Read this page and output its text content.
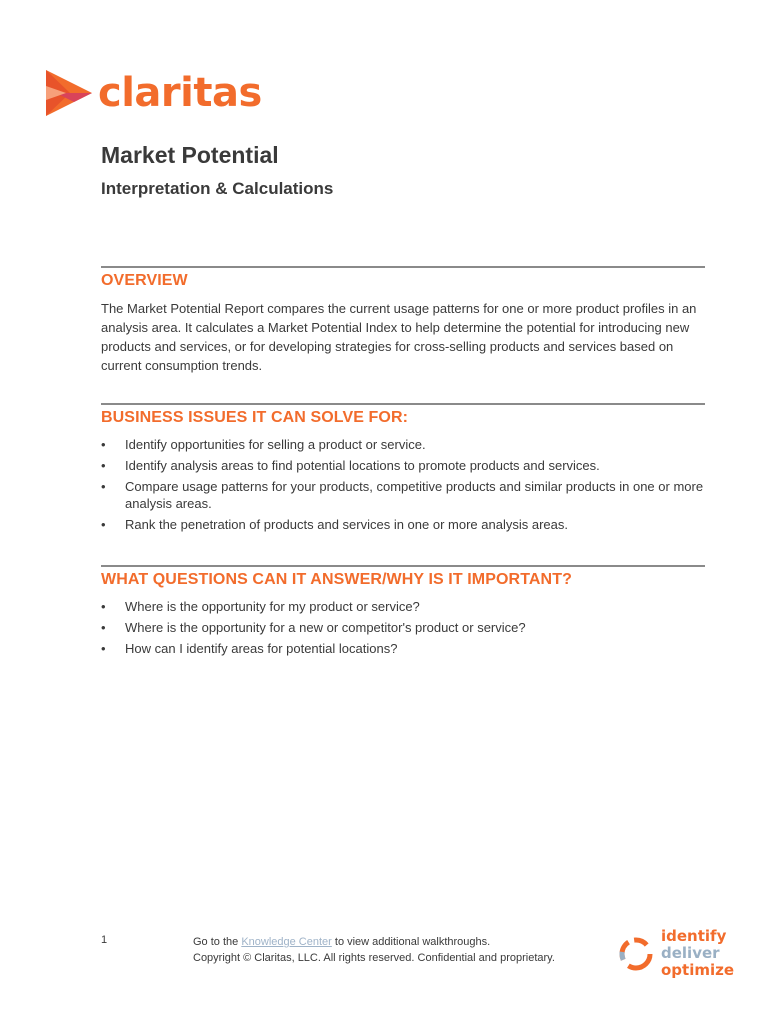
claritas
Market Potential
Interpretation & Calculations
OVERVIEW

The Market Potential Report compares the current usage patterns for one or more product profiles in an analysis area. It calculates a Market Potential Index to help determine the potential for introducing new products and services, or for developing strategies for cross-selling products and services based on current consumption trends.

BUSINESS ISSUES IT CAN SOLVE FOR:
• Identify opportunities for selling a product or service.
• Identify analysis areas to find potential locations to promote products and services.
• Compare usage patterns for your products, competitive products and similar products in one or more analysis areas.
• Rank the penetration of products and services in one or more analysis areas.
WHAT QUESTIONS CAN IT ANSWER/WHY IS IT IMPORTANT?
• Where is the opportunity for my product or service?
• Where is the opportunity for a new or competitor's product or service?
• How can I identify areas for potential locations?
1	Go to the Knowledge Center to view additional walkthroughs.
Copyright © Claritas, LLC. All rights reserved. Confidential and proprietary.
identify
deliver
optimize
